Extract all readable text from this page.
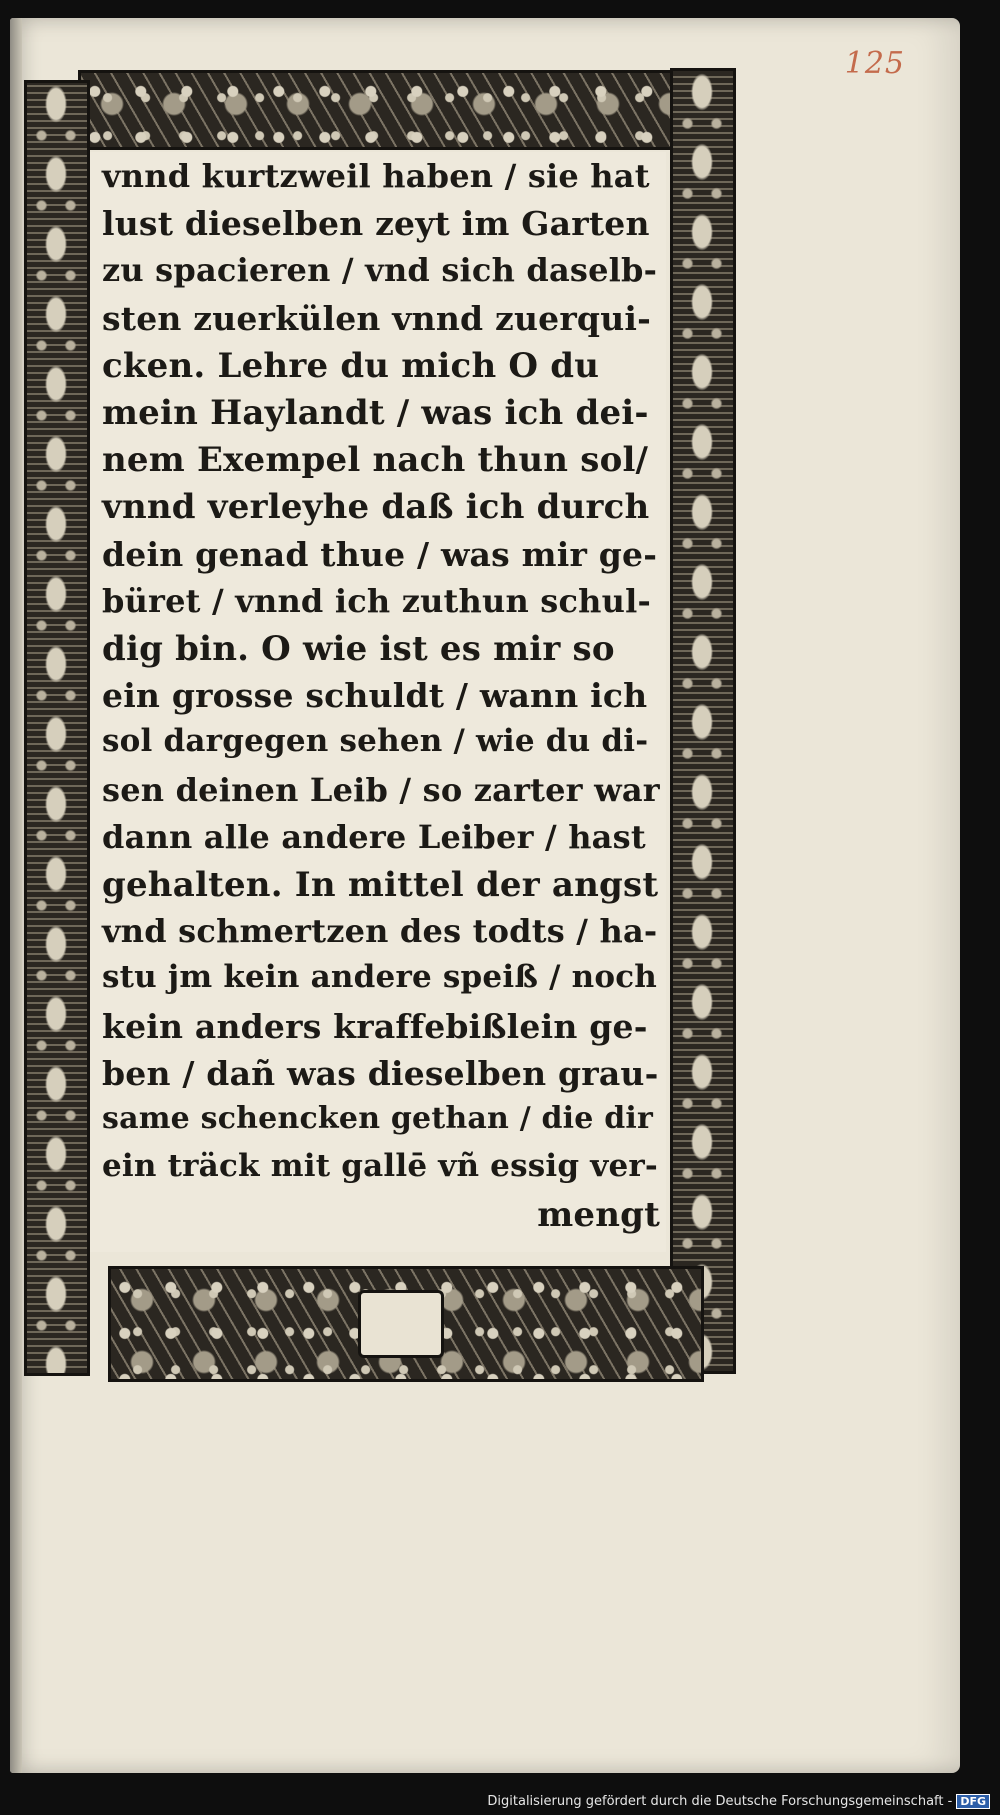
125
vnnd kurtzweil haben / sie hat
lust dieselben zeyt im Garten
zu spacieren / vnd sich daselb-
sten zuerkülen vnnd zuerqui-
cken. Lehre du mich O du
mein Haylandt / was ich dei-
nem Exempel nach thun sol/
vnnd verleyhe daß ich durch
dein genad thue / was mir ge-
büret / vnnd ich zuthun schul-
dig bin. O wie ist es mir so
ein grosse schuldt / wann ich
sol dargegen sehen / wie du di-
sen deinen Leib / so zarter war
dann alle andere Leiber / hast
gehalten. In mittel der angst
vnd schmertzen des todts / ha-
stu jm kein andere speiß / noch
kein anders kraffebißlein ge-
ben / dañ was dieselben grau-
same schencken gethan / die dir
ein träck mit gallē vñ essig ver-
mengt
Digitalisierung gefördert durch die Deutsche Forschungsgemeinschaft - DFG
